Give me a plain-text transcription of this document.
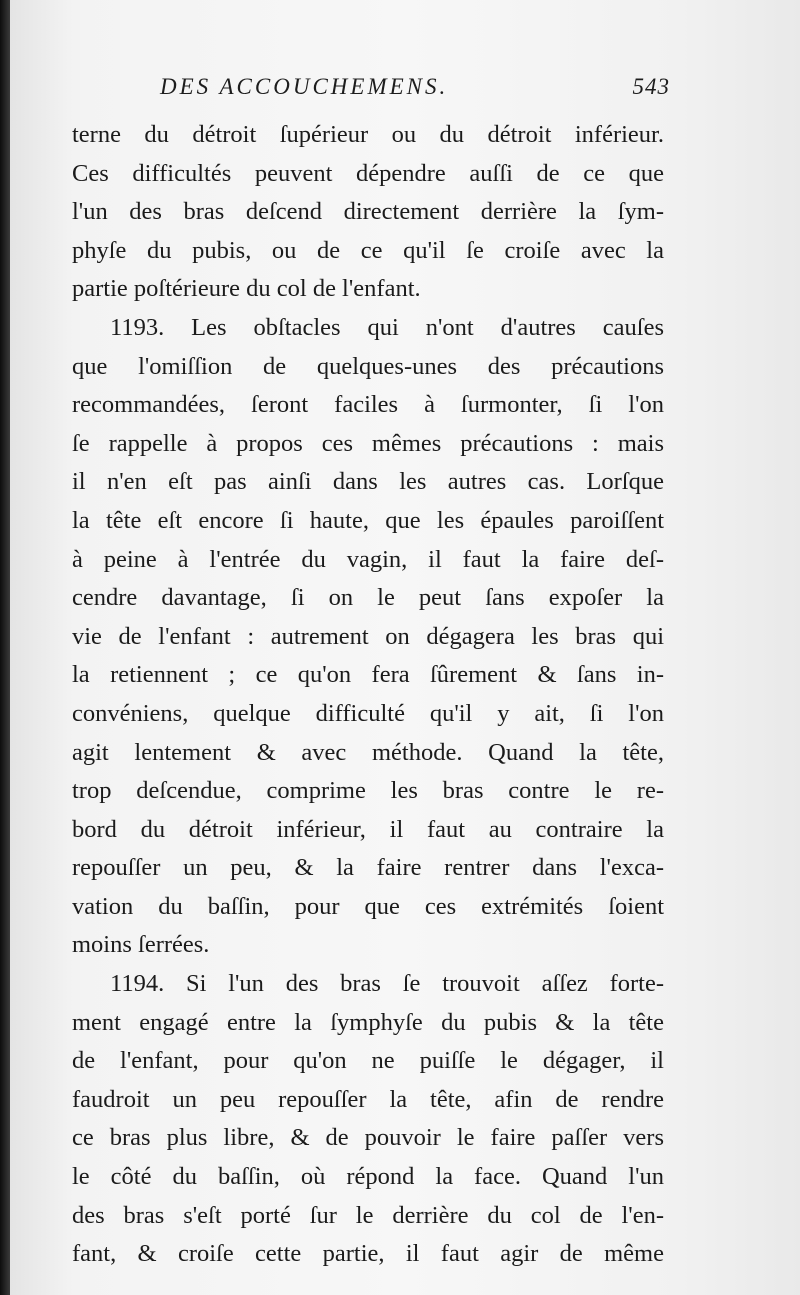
DES ACCOUCHEMENS.	543
terne du détroit ſupérieur ou du détroit inférieur.
Ces difficultés peuvent dépendre auſſi de ce que
l'un des bras deſcend directement derrière la ſym-
phyſe du pubis, ou de ce qu'il ſe croiſe avec la
partie poſtérieure du col de l'enfant.
1193. Les obſtacles qui n'ont d'autres cauſes
que l'omiſſion de quelques-unes des précautions
recommandées, ſeront faciles à ſurmonter, ſi l'on
ſe rappelle à propos ces mêmes précautions : mais
il n'en eſt pas ainſi dans les autres cas. Lorſque
la tête eſt encore ſi haute, que les épaules paroiſſent
à peine à l'entrée du vagin, il faut la faire deſ-
cendre davantage, ſi on le peut ſans expoſer la
vie de l'enfant : autrement on dégagera les bras qui
la retiennent ; ce qu'on fera ſûrement & ſans in-
convéniens, quelque difficulté qu'il y ait, ſi l'on
agit lentement & avec méthode. Quand la tête,
trop deſcendue, comprime les bras contre le re-
bord du détroit inférieur, il faut au contraire la
repouſſer un peu, & la faire rentrer dans l'exca-
vation du baſſin, pour que ces extrémités ſoient
moins ſerrées.
1194. Si l'un des bras ſe trouvoit aſſez forte-
ment engagé entre la ſymphyſe du pubis & la tête
de l'enfant, pour qu'on ne puiſſe le dégager, il
faudroit un peu repouſſer la tête, afin de rendre
ce bras plus libre, & de pouvoir le faire paſſer vers
le côté du baſſin, où répond la face. Quand l'un
des bras s'eſt porté ſur le derrière du col de l'en-
fant, & croiſe cette partie, il faut agir de même
